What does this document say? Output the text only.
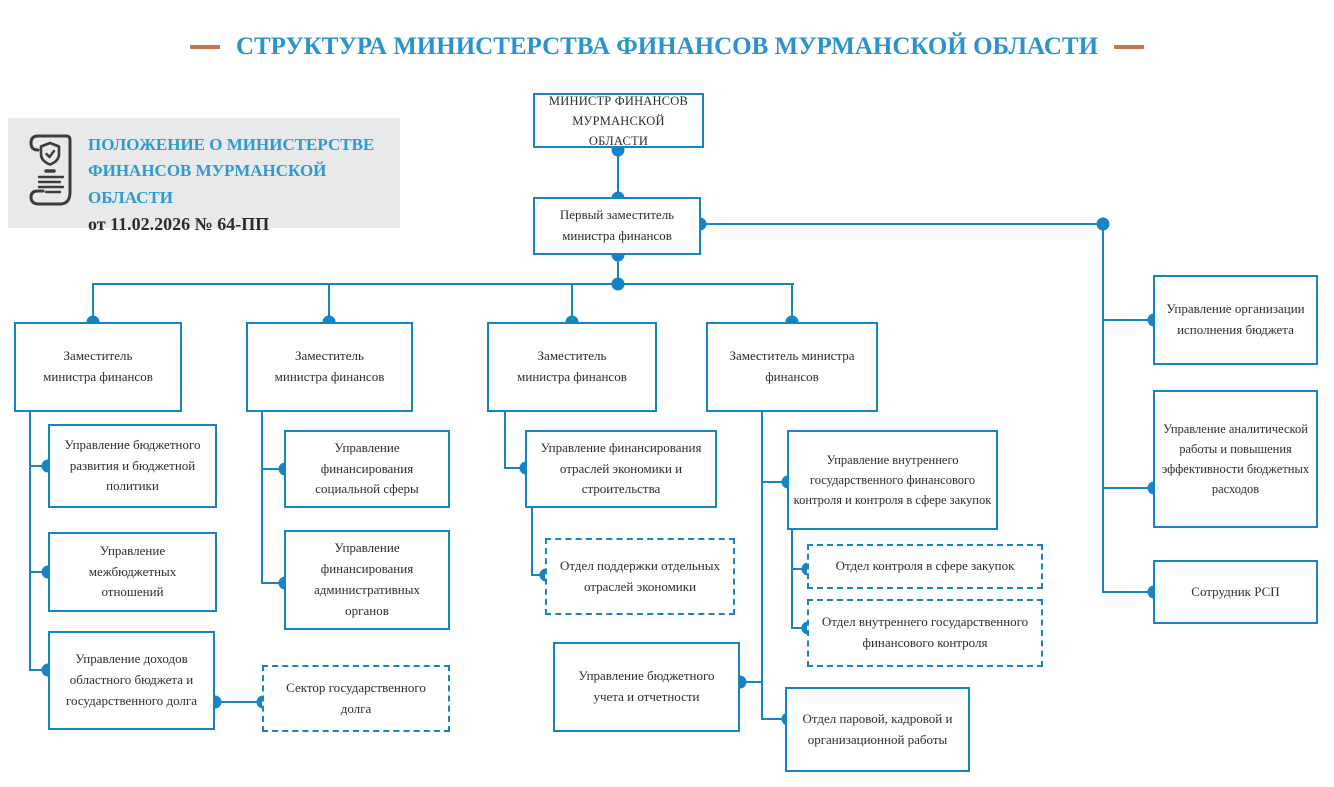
СТРУКТУРА МИНИСТЕРСТВА ФИНАНСОВ МУРМАНСКОЙ ОБЛАСТИ
ПОЛОЖЕНИЕ О МИНИСТЕРСТВЕ
ФИНАНСОВ МУРМАНСКОЙ ОБЛАСТИ
от 11.02.2026 № 64-ПП
МИНИСТР ФИНАНСОВ МУРМАНСКОЙ ОБЛАСТИ
Первый заместитель министра финансов
Заместитель министра финансов
Заместитель министра финансов
Заместитель министра финансов
Заместитель министра финансов
Управление бюджетного развития и бюджетной политики
Управление межбюджетных отношений
Управление доходов областного бюджета и государственного долга
Управление финансирования социальной сферы
Управление финансирования административных органов
Сектор государственного долга
Управление финансирования отраслей экономики и строительства
Отдел поддержки отдельных отраслей экономики
Управление внутреннего государственного финансового контроля и контроля в сфере закупок
Отдел контроля в сфере закупок
Отдел внутреннего государственного финансового контроля
Управление бюджетного учета и отчетности
Отдел паровой, кадровой и организационной работы
Управление организации исполнения бюджета
Управление аналитической работы и повышения эффективности бюджетных расходов
Сотрудник РСП
